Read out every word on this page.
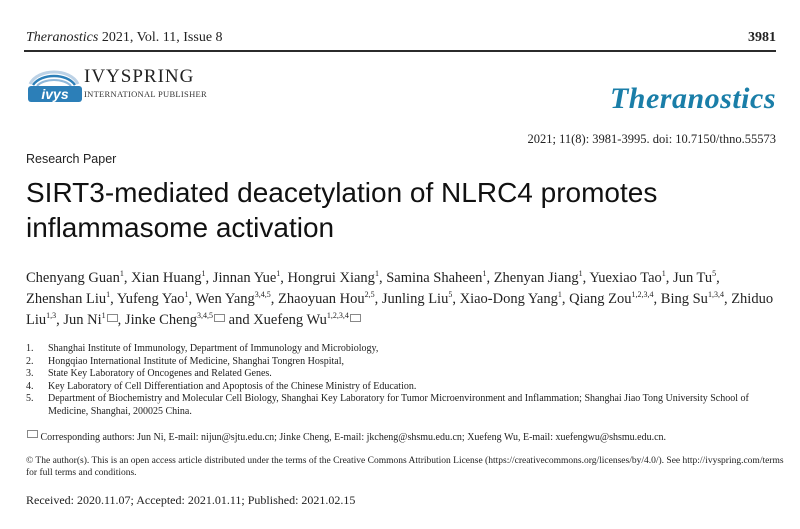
Theranostics 2021, Vol. 11, Issue 8	3981
ivys
IVYSPRING
INTERNATIONAL PUBLISHER	Theranostics
2021; 11(8): 3981-3995. doi: 10.7150/thno.55573
Research Paper
SIRT3-mediated deacetylation of NLRC4 promotes inflammasome activation
Chenyang Guan$^1$, Xian Huang$^1$, Jinnan Yue$^1$, Hongrui Xiang$^1$, Samina Shaheen$^1$, Zhenyan Jiang$^1$, Yuexiao Tao$^1$, Jun Tu$^5$, Zhenshan Liu$^1$, Yufeng Yao$^1$, Wen Yang$^{3,4,5}$, Zhaoyuan Hou$^{2,5}$, Junling Liu$^5$, Xiao-Dong Yang$^1$, Qiang Zou$^{1,2,3,4}$, Bing Su$^{1,3,4}$, Zhiduo Liu$^{1,3}$, Jun Ni$^1$ , Jinke Cheng$^{3,4,5}$ and Xuefeng Wu$^{1,2,3,4}$
1.	Shanghai Institute of Immunology, Department of Immunology and Microbiology,
2.	Hongqiao International Institute of Medicine, Shanghai Tongren Hospital,
3.	State Key Laboratory of Oncogenes and Related Genes.
4.	Key Laboratory of Cell Differentiation and Apoptosis of the Chinese Ministry of Education.
5.	Department of Biochemistry and Molecular Cell Biology, Shanghai Key Laboratory for Tumor Microenvironment and Inflammation; Shanghai Jiao Tong University School of Medicine, Shanghai, 200025 China.
Corresponding authors: Jun Ni, E-mail: nijun@sjtu.edu.cn; Jinke Cheng, E-mail: jkcheng@shsmu.edu.cn; Xuefeng Wu, E-mail: xuefengwu@shsmu.edu.cn.
© The author(s). This is an open access article distributed under the terms of the Creative Commons Attribution License (https://creativecommons.org/licenses/by/4.0/). See http://ivyspring.com/terms for full terms and conditions.
Received: 2020.11.07; Accepted: 2021.01.11; Published: 2021.02.15
